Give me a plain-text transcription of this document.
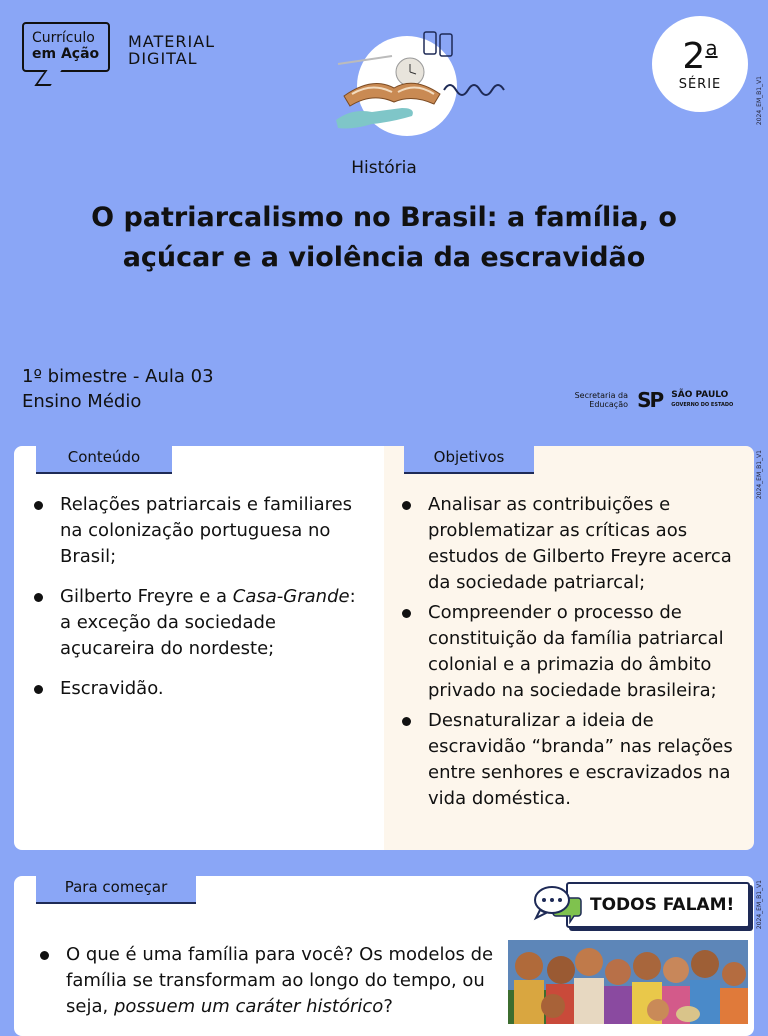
Currículo
em Ação
MATERIAL
DIGITAL	2$^a$
SÉRIE	2024_EM_B1_V1
2024_EM_B1_V1
2024_EM_B1_V1
História
O patriarcalismo no Brasil: a família, o
açúcar e a violência da escravidão
1º bimestre - Aula 03
Ensino Médio	Secretaria da
Educação SP SÃO PAULO
GOVERNO DO ESTADO
Conteúdo
Relações patriarcais e familiares na colonização portuguesa no Brasil;
Gilberto Freyre e a Casa-Grande: a exceção da sociedade açucareira do nordeste;
Escravidão.
Objetivos
Analisar as contribuições e problematizar as críticas aos estudos de Gilberto Freyre acerca da sociedade patriarcal;
Compreender o processo de constituição da família patriarcal colonial e a primazia do âmbito privado na sociedade brasileira;
Desnaturalizar a ideia de escravidão “branda” nas relações entre senhores e escravizados na vida doméstica.
Para começar
O que é uma família para você? Os modelos de família se transformam ao longo do tempo, ou seja, possuem um caráter histórico?
TODOS FALAM!
